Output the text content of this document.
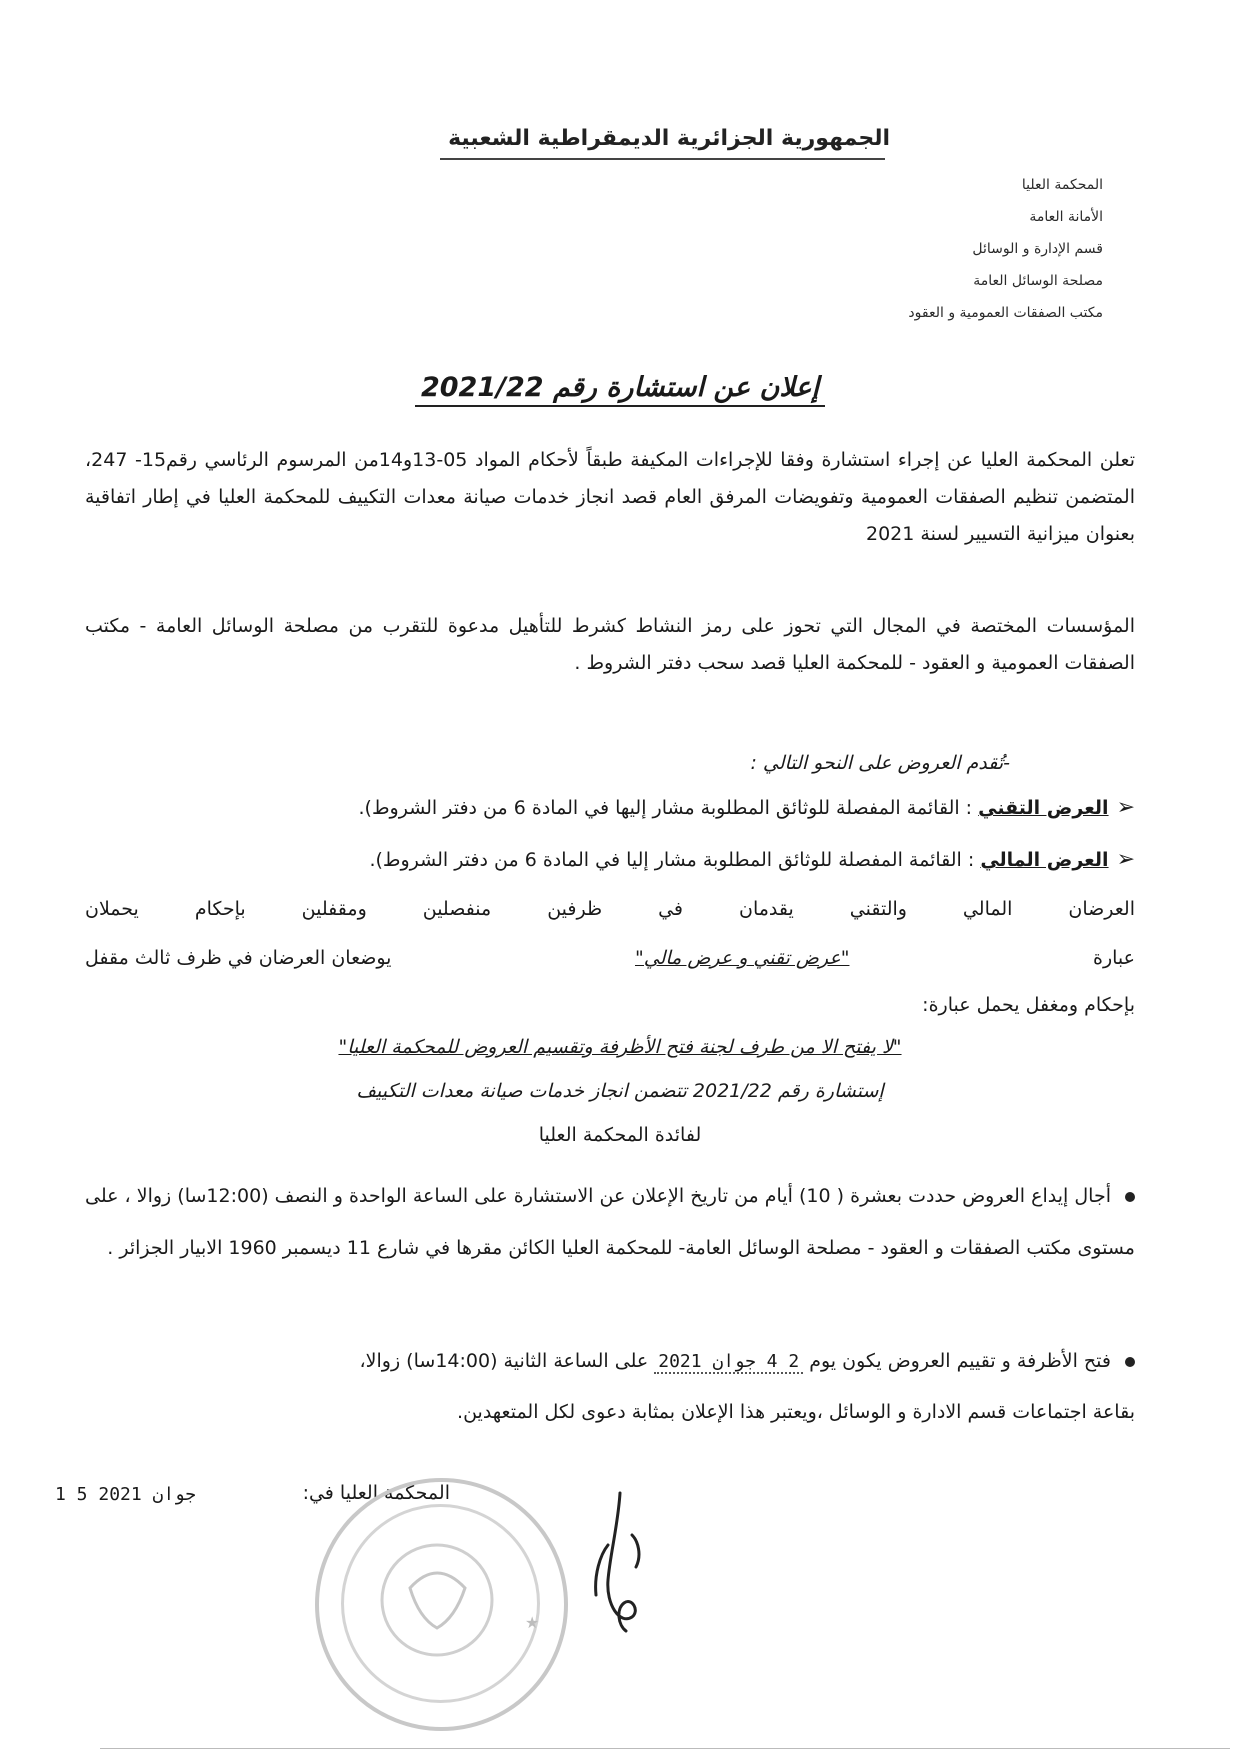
الجمهورية الجزائرية الديمقراطية الشعبية
المحكمة العليا
الأمانة العامة
قسم الإدارة و الوسائل
مصلحة الوسائل العامة
مكتب الصفقات العمومية و العقود
إعلان عن استشارة رقم 2021/22
تعلن المحكمة العليا عن إجراء استشارة وفقا للإجراءات المكيفة طبقاً لأحكام المواد 05-13و14من المرسوم الرئاسي رقم15- 247، المتضمن تنظيم الصفقات العمومية وتفويضات المرفق العام قصد انجاز خدمات صيانة معدات التكييف للمحكمة العليا في إطار اتفاقية بعنوان ميزانية التسيير لسنة 2021
المؤسسات المختصة في المجال التي تحوز على رمز النشاط كشرط للتأهيل مدعوة للتقرب من مصلحة الوسائل العامة - مكتب الصفقات العمومية و العقود - للمحكمة العليا قصد سحب دفتر الشروط .
-تُقدم العروض على النحو التالي :
➢العرض التقني : القائمة المفصلة للوثائق المطلوبة مشار إليها في المادة 6 من دفتر الشروط).
➢العرض المالي : القائمة المفصلة للوثائق المطلوبة مشار إليا في المادة 6 من دفتر الشروط).
العرضان المالي والتقني يقدمان في ظرفين منفصلين ومقفلين بإحكام يحملان
عبارة
"عرض تقني و عرض مالي"
يوضعان العرضان في ظرف ثالث مقفل
بإحكام ومغفل يحمل عبارة:
"لا يفتح الا من طرف لجنة فتح الأظرفة وتقسيم العروض للمحكمة العليا"
إستشارة رقم 2021/22 تتضمن انجاز خدمات صيانة معدات التكييف
لفائدة المحكمة العليا
أجال إيداع العروض حددت بعشرة ( 10) أيام من تاريخ الإعلان عن الاستشارة على الساعة الواحدة و النصف (12:00سا) زوالا ، على مستوى مكتب الصفقات و العقود - مصلحة الوسائل العامة- للمحكمة العليا الكائن مقرها في شارع 11 ديسمبر 1960 الابيار الجزائر .
فتح الأظرفة و تقييم العروض يكون يوم 2 4 جوان 2021 على الساعة الثانية (14:00سا) زوالا،
بقاعة اجتماعات قسم الادارة و الوسائل ،ويعتبر هذا الإعلان بمثابة دعوى لكل المتعهدين.
المحكمة العليا في:
1 5 جوان 2021
★
